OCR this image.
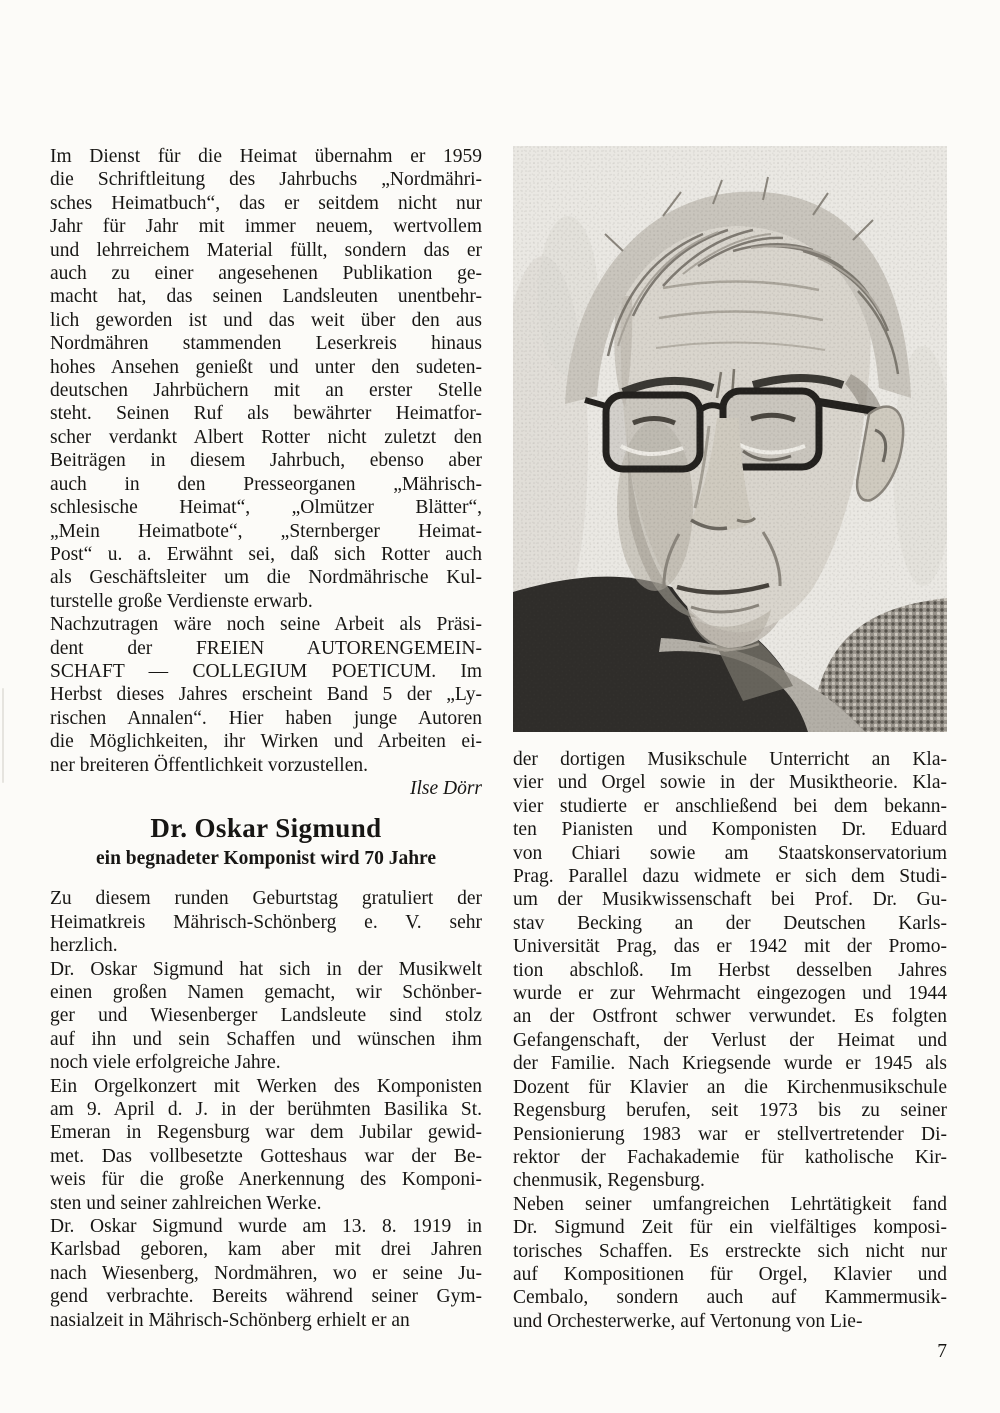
Im Dienst für die Heimat übernahm er 1959
die Schriftleitung des Jahrbuchs „Nordmähri-
sches Heimatbuch“, das er seitdem nicht nur
Jahr für Jahr mit immer neuem, wertvollem
und lehrreichem Material füllt, sondern das er
auch zu einer angesehenen Publikation ge-
macht hat, das seinen Landsleuten unentbehr-
lich geworden ist und das weit über den aus
Nordmähren stammenden Leserkreis hinaus
hohes Ansehen genießt und unter den sudeten-
deutschen Jahrbüchern mit an erster Stelle
steht. Seinen Ruf als bewährter Heimatfor-
scher verdankt Albert Rotter nicht zuletzt den
Beiträgen in diesem Jahrbuch, ebenso aber
auch in den Presseorganen „Mährisch-
schlesische Heimat“, „Olmützer Blätter“,
„Mein Heimatbote“, „Sternberger Heimat-
Post“ u. a. Erwähnt sei, daß sich Rotter auch
als Geschäftsleiter um die Nordmährische Kul-
turstelle große Verdienste erwarb.
Nachzutragen wäre noch seine Arbeit als Präsi-
dent der FREIEN AUTORENGEMEIN-
SCHAFT — COLLEGIUM POETICUM. Im
Herbst dieses Jahres erscheint Band 5 der „Ly-
rischen Annalen“. Hier haben junge Autoren
die Möglichkeiten, ihr Wirken und Arbeiten ei-
ner breiteren Öffentlichkeit vorzustellen.
Ilse Dörr
Dr. Oskar Sigmund
ein begnadeter Komponist wird 70 Jahre
Zu diesem runden Geburtstag gratuliert der
Heimatkreis Mährisch-Schönberg e. V. sehr
herzlich.
Dr. Oskar Sigmund hat sich in der Musikwelt
einen großen Namen gemacht, wir Schönber-
ger und Wiesenberger Landsleute sind stolz
auf ihn und sein Schaffen und wünschen ihm
noch viele erfolgreiche Jahre.
Ein Orgelkonzert mit Werken des Komponisten
am 9. April d. J. in der berühmten Basilika St.
Emeran in Regensburg war dem Jubilar gewid-
met. Das vollbesetzte Gotteshaus war der Be-
weis für die große Anerkennung des Komponi-
sten und seiner zahlreichen Werke.
Dr. Oskar Sigmund wurde am 13. 8. 1919 in
Karlsbad geboren, kam aber mit drei Jahren
nach Wiesenberg, Nordmähren, wo er seine Ju-
gend verbrachte. Bereits während seiner Gym-
nasialzeit in Mährisch-Schönberg erhielt er an
der dortigen Musikschule Unterricht an Kla-
vier und Orgel sowie in der Musiktheorie. Kla-
vier studierte er anschließend bei dem bekann-
ten Pianisten und Komponisten Dr. Eduard
von Chiari sowie am Staatskonservatorium
Prag. Parallel dazu widmete er sich dem Studi-
um der Musikwissenschaft bei Prof. Dr. Gu-
stav Becking an der Deutschen Karls-
Universität Prag, das er 1942 mit der Promo-
tion abschloß. Im Herbst desselben Jahres
wurde er zur Wehrmacht eingezogen und 1944
an der Ostfront schwer verwundet. Es folgten
Gefangenschaft, der Verlust der Heimat und
der Familie. Nach Kriegsende wurde er 1945 als
Dozent für Klavier an die Kirchenmusikschule
Regensburg berufen, seit 1973 bis zu seiner
Pensionierung 1983 war er stellvertretender Di-
rektor der Fachakademie für katholische Kir-
chenmusik, Regensburg.
Neben seiner umfangreichen Lehrtätigkeit fand
Dr. Sigmund Zeit für ein vielfältiges komposi-
torisches Schaffen. Es erstreckte sich nicht nur
auf Kompositionen für Orgel, Klavier und
Cembalo, sondern auch auf Kammermusik-
und Orchesterwerke, auf Vertonung von Lie-
7
